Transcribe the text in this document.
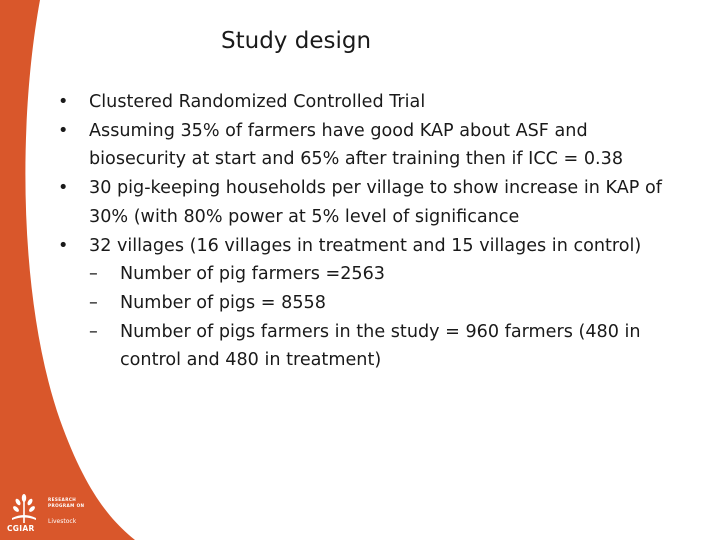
Study design
• Clustered Randomized Controlled Trial
• Assuming 35% of farmers have good KAP about ASF and biosecurity at start and 65% after training then if ICC = 0.38
• 30 pig-keeping households per village to show increase in KAP of 30% (with 80% power at 5% level of significance
• 32 villages (16 villages in treatment and 15 villages in control)
– Number of pig farmers =2563
– Number of pigs = 8558
– Number of pigs farmers in the study = 960 farmers (480 in control and 480 in treatment)
CGIAR
RESEARCH
PROGRAM ON
Livestock
